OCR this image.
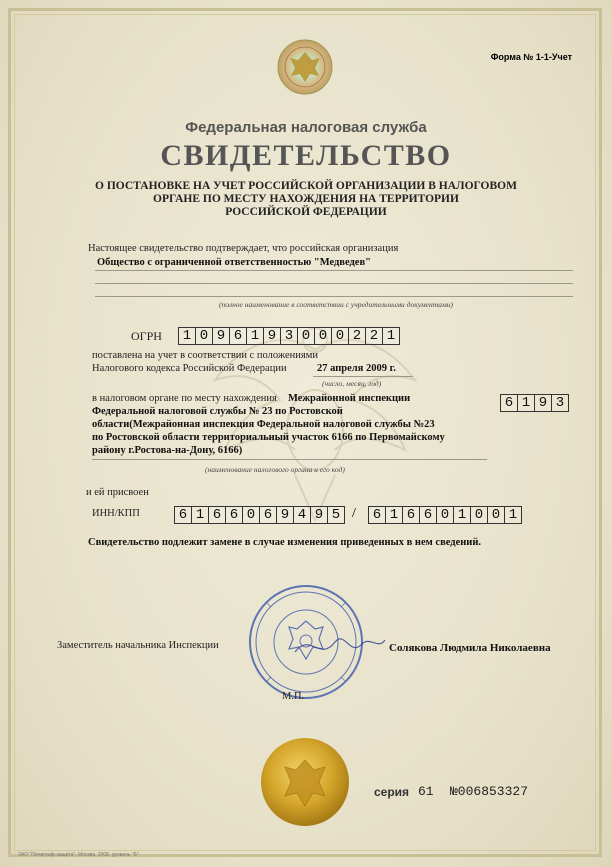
Форма № 1-1-Учет
Федеральная налоговая служба
СВИДЕТЕЛЬСТВО
О ПОСТАНОВКЕ НА УЧЕТ РОССИЙСКОЙ ОРГАНИЗАЦИИ В НАЛОГОВОМ
ОРГАНЕ ПО МЕСТУ НАХОЖДЕНИЯ НА ТЕРРИТОРИИ
РОССИЙСКОЙ ФЕДЕРАЦИИ
Настоящее свидетельство подтверждает, что российская организация
Общество с ограниченной ответственностью "Медведев"
(полное наименование в соответствии с учредительными документами)
ОГРН	1 0 9 6 1 9 3 0 0 0 2 2 1
поставлена на учет в соответствии с положениями
Налогового кодекса Российской Федерации	27 апреля 2009 г.
(число, месяц, год)
в налоговом органе по месту нахождения Межрайонной инспекции
Федеральной налоговой службы № 23 по Ростовской
области(Межрайонная инспекция Федеральной налоговой службы №23
по Ростовской области территориальный участок 6166 по Первомайскому
району г.Ростова-на-Дону, 6166)
(наименование налогового органа и его код)
6 1 9 3
и ей присвоен
ИНН/КПП	6 1 6 6 0 6 9 4 9 5 /	6 1 6 6 0 1 0 0 1
Свидетельство подлежит замене в случае изменения приведенных в нем сведений.
Заместитель начальника Инспекции	Солякова Людмила Николаевна
М.П.
серия 61 №006853327
ЗАО "Полиграф-защита", Москва, 2008, уровень "Б"
